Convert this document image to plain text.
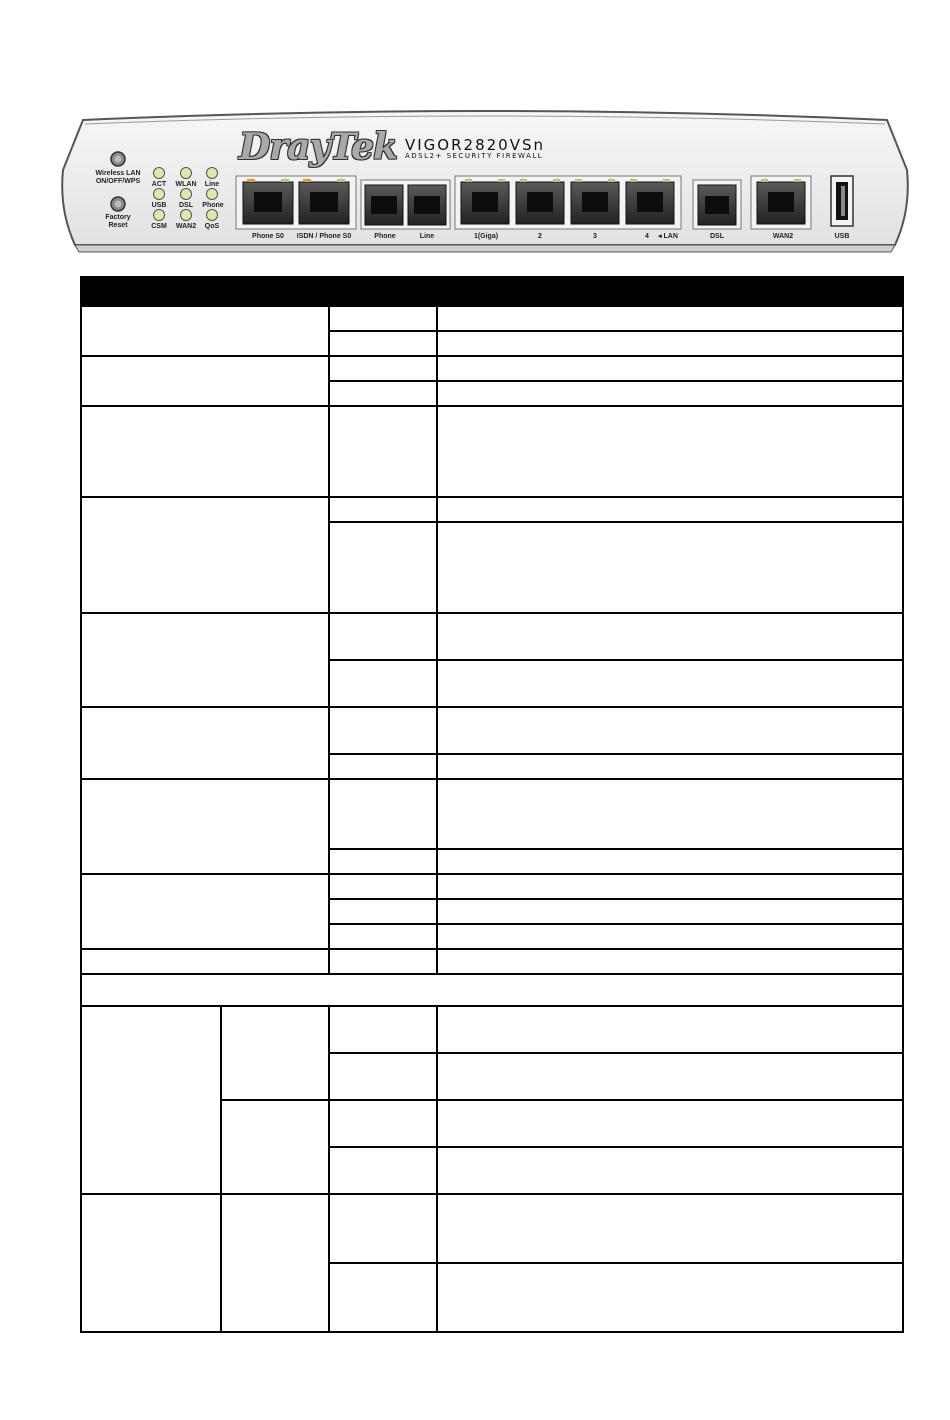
DrayTek VIGOR2820VSn
ADSL2+ SECURITY FIREWALL
Wireless LAN
ON/OFF/WPS
Factory
Reset
ACT	WLAN	Line
USB	DSL	Phone
CSM	WAN2	QoS
Phone S0	ISDN / Phone S0	Phone	Line	1(Giga)	2	3	4	◂ LAN	DSL	WAN2	USB
